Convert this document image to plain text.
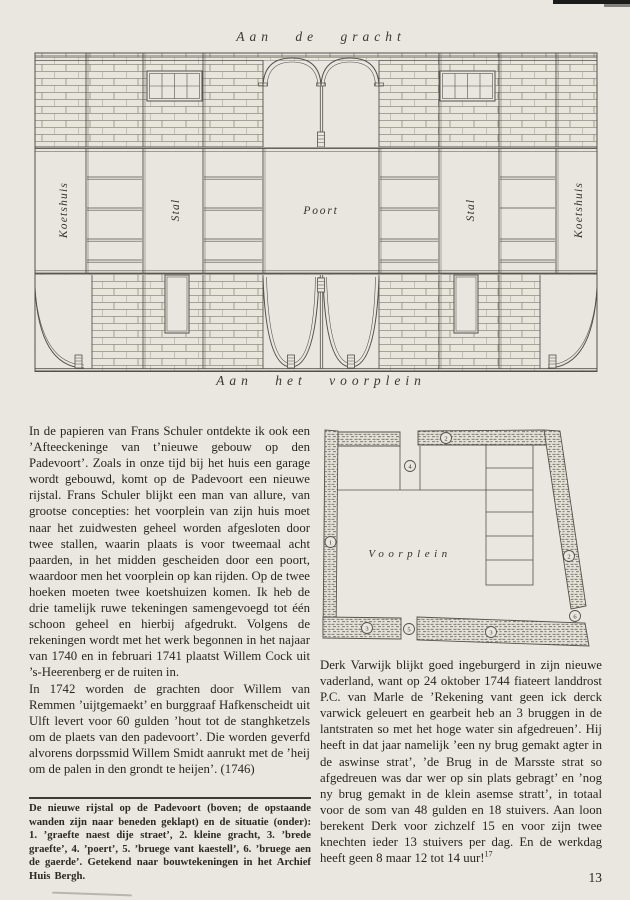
Aan de gracht
Koetshuis	Stal	Poort	Stal	Koetshuis
Aan het voorplein

In de papieren van Frans Schuler ontdekte ik ook een ’Afteeckeninge van t’nieuwe gebouw op den Padevoort’. Zoals in onze tijd bij het huis een garage wordt gebouwd, komt op de Padevoort een nieuwe rijstal. Frans Schuler blijkt een man van allure, van grootse concepties: het voorplein van zijn huis moet naar het zuidwesten geheel worden afgesloten door twee stallen, waarin plaats is voor tweemaal acht paarden, in het midden gescheiden door een poort, waardoor men het voorplein op kan rijden. Op de twee hoeken moeten twee koetshuizen komen. Ik heb de drie tamelijk ruwe tekeningen samengevoegd tot één schoon geheel en hierbij afgedrukt. Volgens de rekeningen wordt met het werk begonnen in het najaar van 1740 en in februari 1741 plaatst Willem Cock uit ’s-Heerenberg er de ruiten in.

In 1742 worden de grachten door Willem van Remmen ’uijtgemaekt’ en burggraaf Hafkenscheidt uit Ulft levert voor 60 gulden ’hout tot de stanghketzels om de plaets van den padevoort’. Die worden geverfd alvorens dorpssmid Willem Smidt aanrukt met de ’heij om de palen in den grondt te heijen’. (1746)

De nieuwe rijstal op de Padevoort (boven; de opstaande wanden zijn naar beneden geklapt) en de situatie (onder): 1. ’graefte naest dije straet’, 2. kleine gracht, 3. ’brede graefte’, 4. ’poert’, 5. ’bruege vant kaestell’, 6. ’bruege aen de gaerde’. Getekend naar bouwtekeningen in het Archief Huis Bergh.
Voorplein
1
2
2
4
3	5	3
6

Derk Varwijk blijkt goed ingeburgerd in zijn nieuwe vaderland, want op 24 oktober 1744 fiateert landdrost P.C. van Marle de ’Rekening vant geen ick derck varwick geleuert en gearbeit heb an 3 bruggen in de lantstraten so met het hoge water sin afgedreuen’. Hij heeft in dat jaar namelijk ’een ny brug gemakt agter in de aswinse strat’, ’de Brug in de Marsste strat so afgedreuen was dar wer op sin plats gebragt’ en ’nog ny brug gemakt in de klein asemse stratt’, in totaal voor de som van 48 gulden en 18 stuivers. Aan loon berekent Derk voor zichzelf 15 en voor zijn twee knechten ieder 13 stuivers per dag. En de werkdag heeft geen 8 maar 12 tot 14 uur!$^{17}$

13
